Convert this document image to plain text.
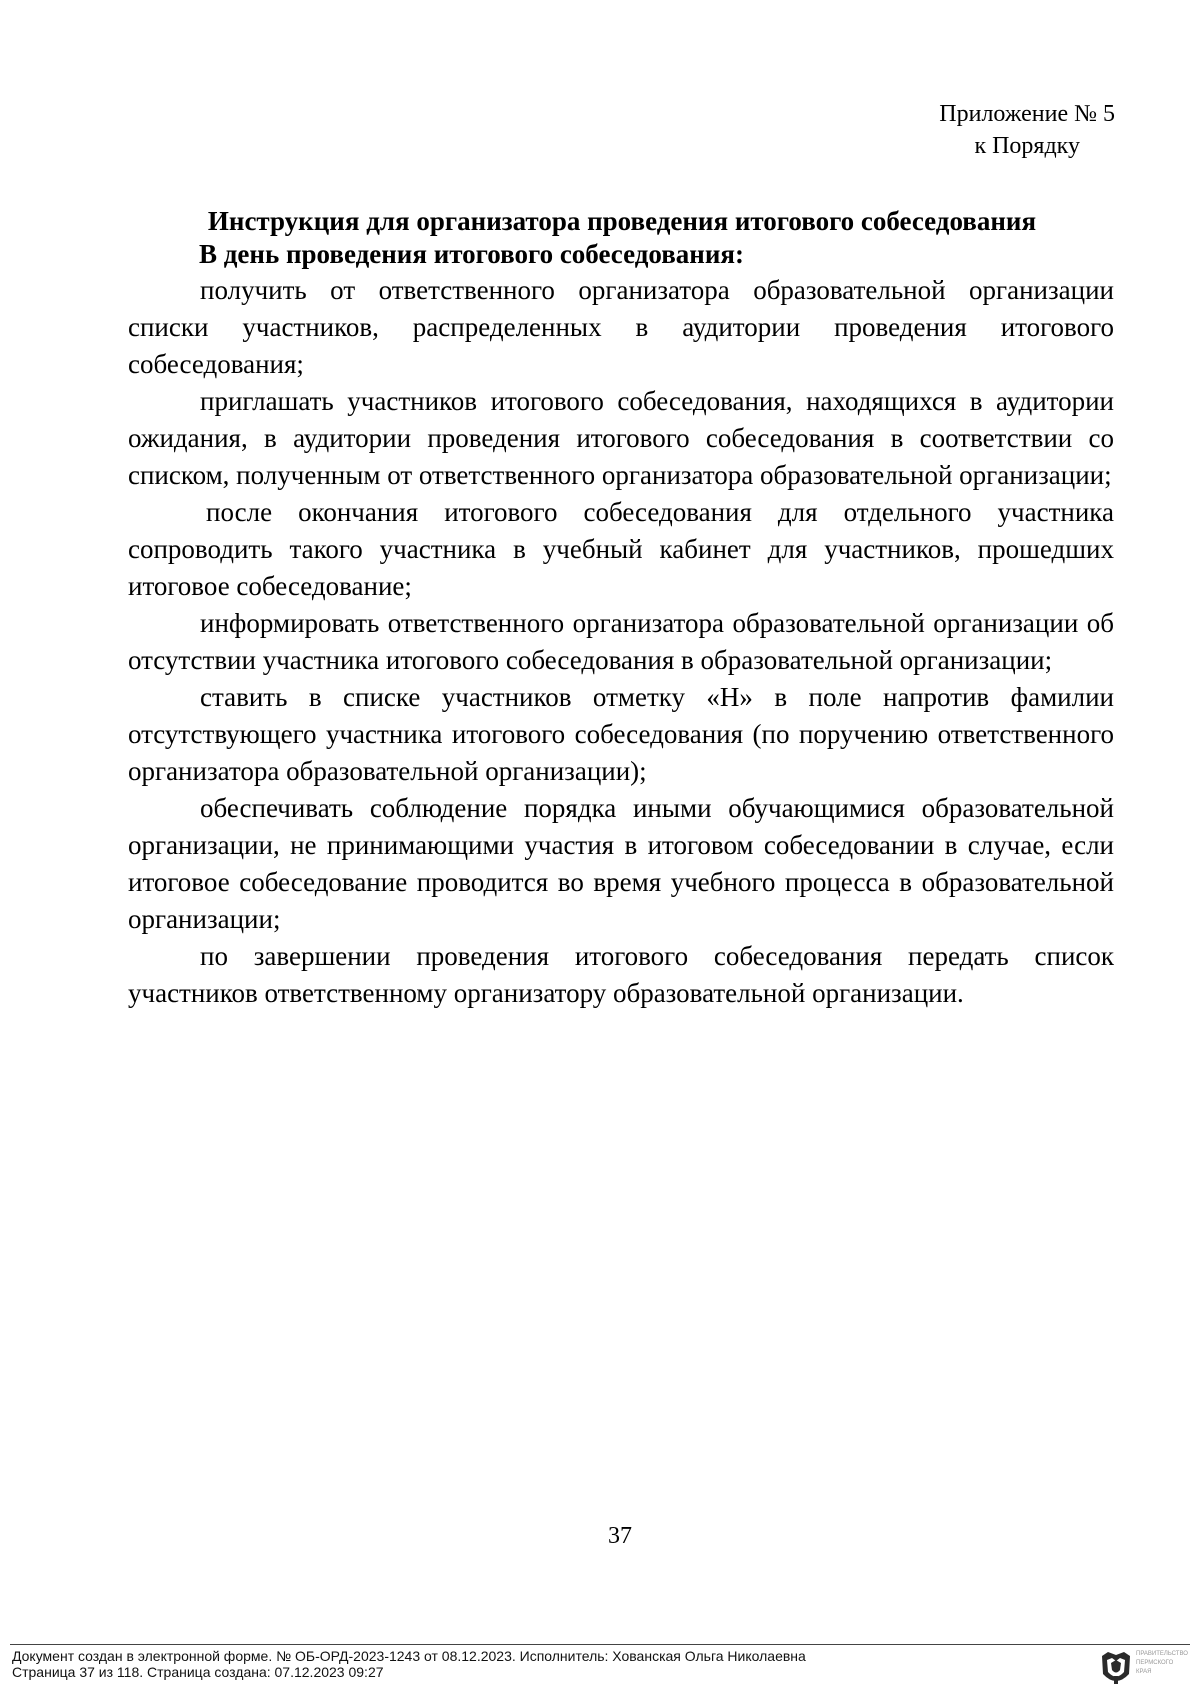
Приложение № 5
к Порядку
Инструкция для организатора проведения итогового собеседования
В день проведения итогового собеседования:

получить от ответственного организатора образовательной организации списки участников, распределенных в аудитории проведения итогового собеседования;

приглашать участников итогового собеседования, находящихся в аудитории ожидания, в аудитории проведения итогового собеседования в соответствии со списком, полученным от ответственного организатора образовательной организации;

после окончания итогового собеседования для отдельного участника сопроводить такого участника в учебный кабинет для участников, прошедших итоговое собеседование;

информировать ответственного организатора образовательной организации об отсутствии участника итогового собеседования в образовательной организации;

ставить в списке участников отметку «Н» в поле напротив фамилии отсутствующего участника итогового собеседования (по поручению ответственного организатора образовательной организации);

обеспечивать соблюдение порядка иными обучающимися образовательной организации, не принимающими участия в итоговом собеседовании в случае, если итоговое собеседование проводится во время учебного процесса в образовательной организации;

по завершении проведения итогового собеседования передать список участников ответственному организатору образовательной организации.

37
Документ создан в электронной форме. № ОБ-ОРД-2023-1243 от 08.12.2023. Исполнитель: Хованская Ольга Николаевна
Страница 37 из 118. Страница создана: 07.12.2023 09:27
ПРАВИТЕЛЬСТВО
ПЕРМСКОГО
КРАЯ
